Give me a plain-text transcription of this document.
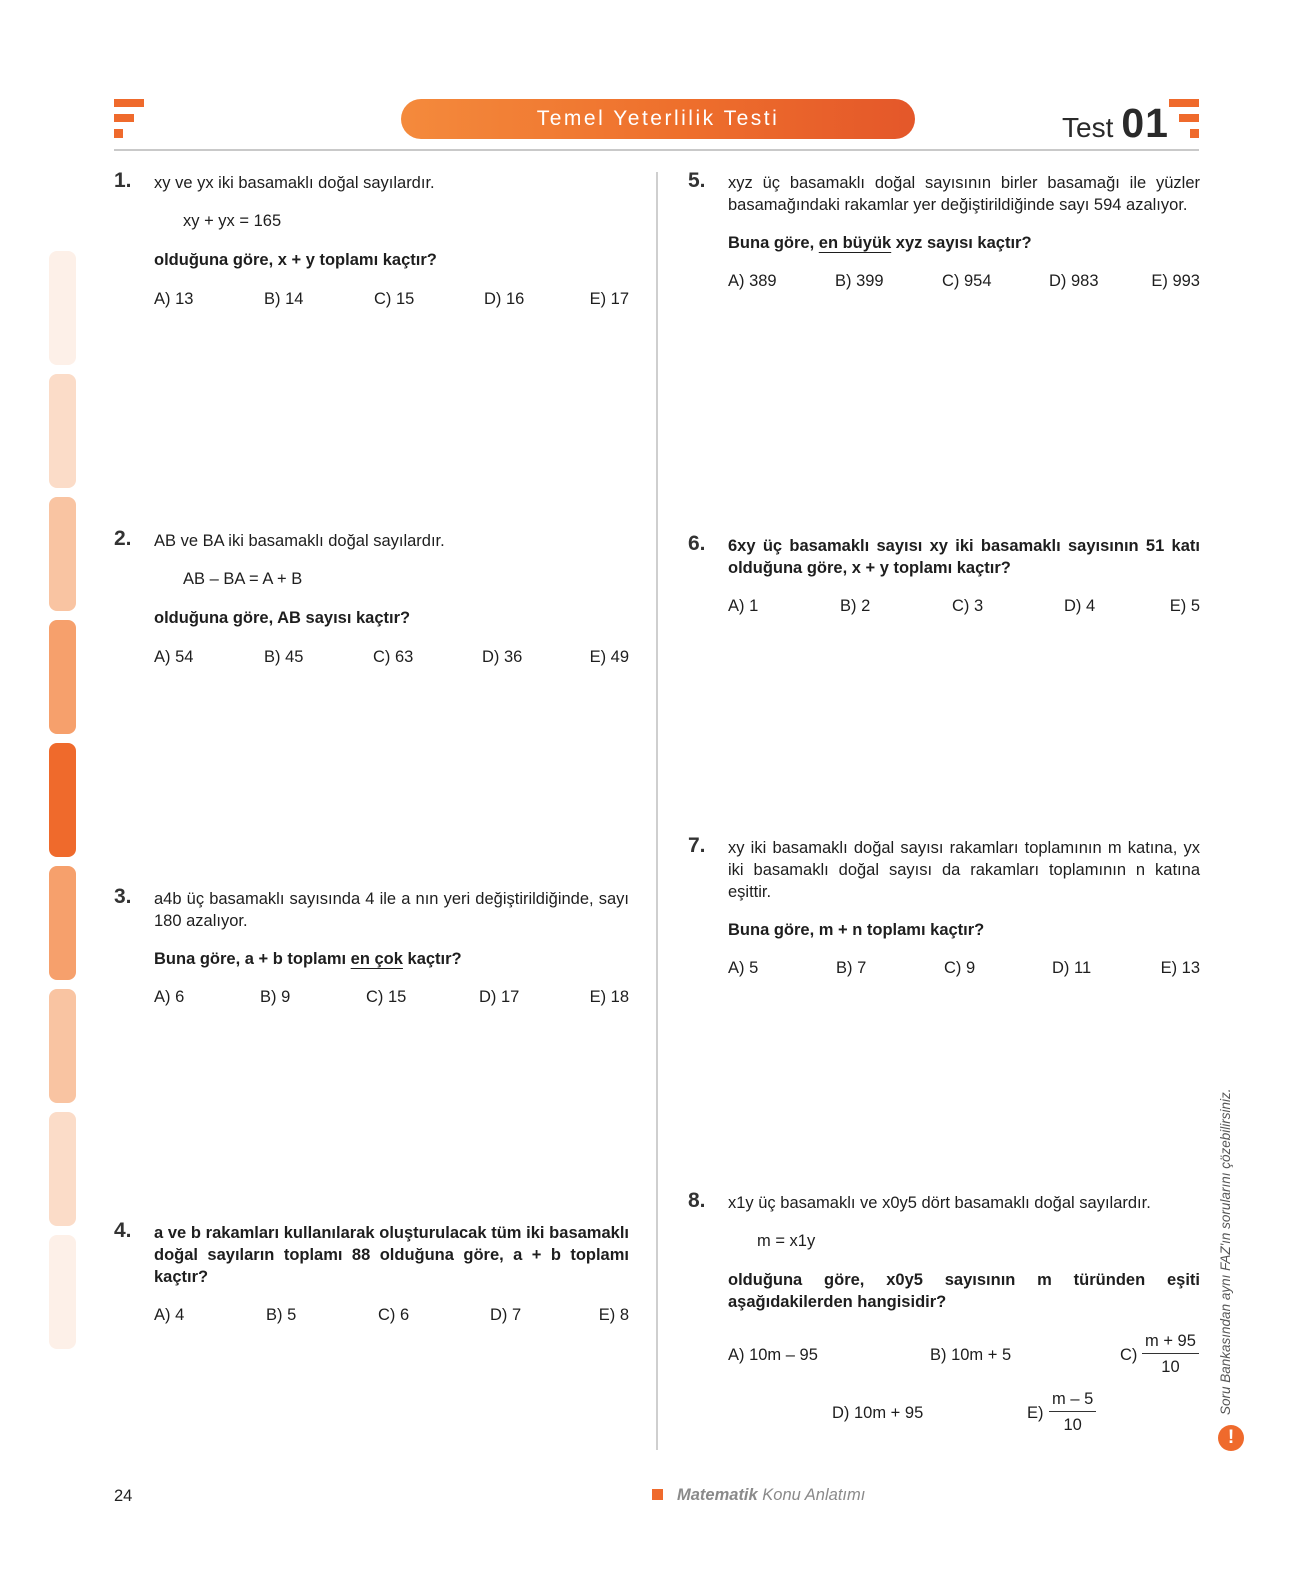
Temel Yeterlilik Testi	Test 01
1. xy ve yx iki basamaklı doğal sayılardır.
xy + yx = 165
olduğuna göre, x + y toplamı kaçtır?
A) 13	B) 14	C) 15	D) 16	E) 17
2. AB ve BA iki basamaklı doğal sayılardır.
AB – BA = A + B
olduğuna göre, AB sayısı kaçtır?
A) 54	B) 45	C) 63	D) 36	E) 49
3. a4b üç basamaklı sayısında 4 ile a nın yeri değiştirildiğinde, sayı 180 azalıyor.
Buna göre, a + b toplamı en çok kaçtır?
A) 6	B) 9	C) 15	D) 17	E) 18
4. a ve b rakamları kullanılarak oluşturulacak tüm iki basamaklı doğal sayıların toplamı 88 olduğuna göre, a + b toplamı kaçtır?
A) 4	B) 5	C) 6	D) 7	E) 8
5. xyz üç basamaklı doğal sayısının birler basamağı ile yüzler basamağındaki rakamlar yer değiştirildiğinde sayı 594 azalıyor.
Buna göre, en büyük xyz sayısı kaçtır?
A) 389	B) 399	C) 954	D) 983	E) 993
6. 6xy üç basamaklı sayısı xy iki basamaklı sayısının 51 katı olduğuna göre, x + y toplamı kaçtır?
A) 1	B) 2	C) 3	D) 4	E) 5
7. xy iki basamaklı doğal sayısı rakamları toplamının m katına, yx iki basamaklı doğal sayısı da rakamları toplamının n katına eşittir.
Buna göre, m + n toplamı kaçtır?
A) 5	B) 7	C) 9	D) 11	E) 13
8. x1y üç basamaklı ve x0y5 dört basamaklı doğal sayılardır.
m = x1y
olduğuna göre, x0y5 sayısının m türünden eşiti aşağıdakilerden hangisidir?
A) 10m – 95	B) 10m + 5	$C) \frac{m + 95}{10}$
D) 10m + 95	$E) \frac{m - 5}{10}$	Soru Bankasından aynı FAZ'ın sorularını çözebilirsiniz.
!
24	Matematik Konu Anlatımı
